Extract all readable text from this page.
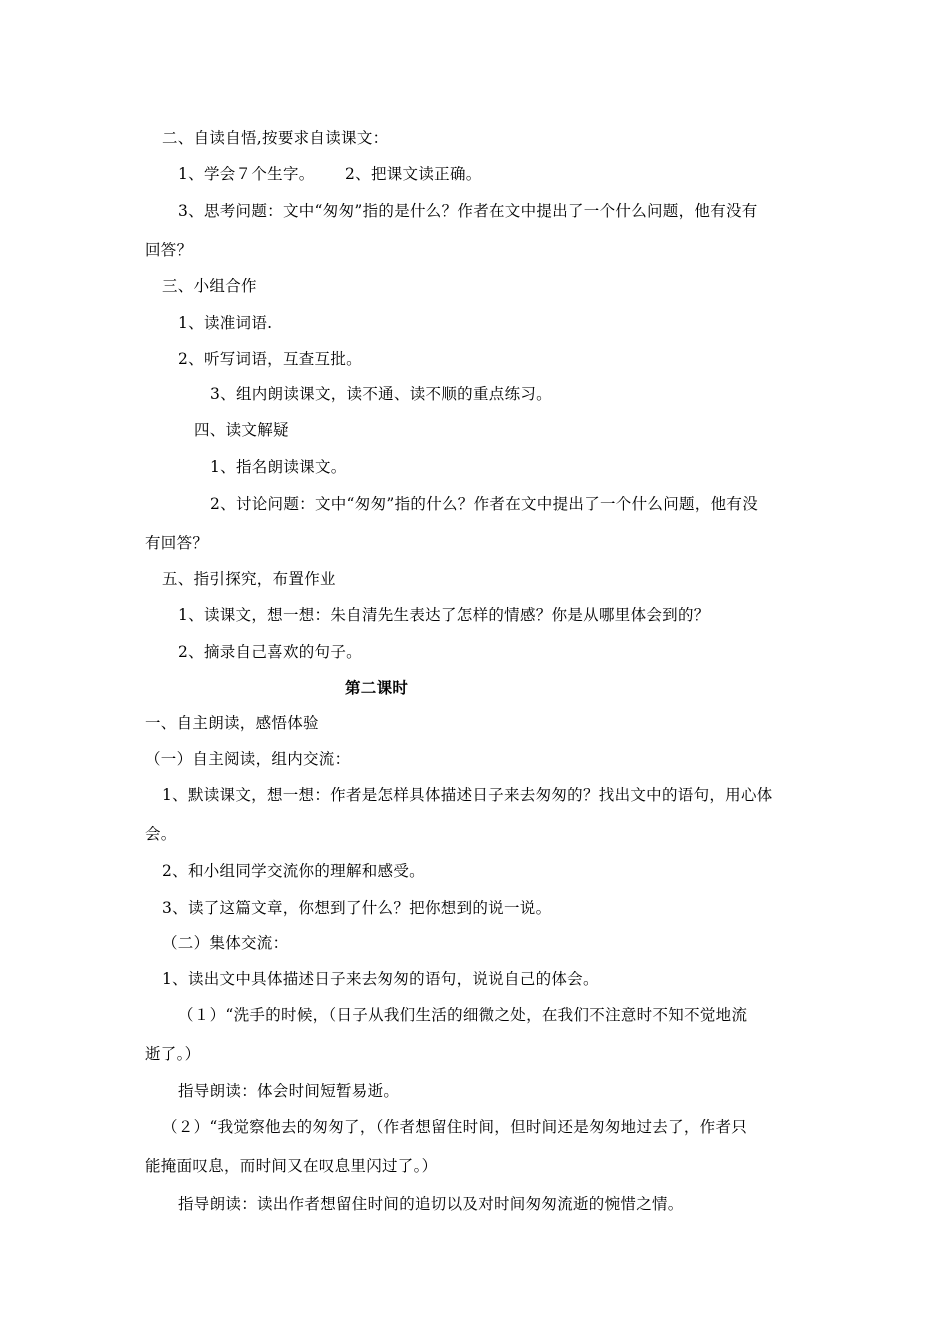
二、自读自悟,按要求自读课文：
1、学会７个生字。 2、把课文读正确。
3、思考问题：文中“匆匆”指的是什么？作者在文中提出了一个什么问题，他有没有
回答？
三、小组合作
1、读准词语.
2、听写词语，互查互批。
3、组内朗读课文，读不通、读不顺的重点练习。
四、读文解疑
1、指名朗读课文。
2、讨论问题：文中“匆匆”指的什么？作者在文中提出了一个什么问题，他有没
有回答？
五、指引探究，布置作业
1、读课文，想一想：朱自清先生表达了怎样的情感？你是从哪里体会到的？
2、摘录自己喜欢的句子。
第二课时
一、自主朗读，感悟体验
（一）自主阅读，组内交流：
1、默读课文，想一想：作者是怎样具体描述日子来去匆匆的？找出文中的语句，用心体
会。
2、和小组同学交流你的理解和感受。
3、读了这篇文章，你想到了什么？把你想到的说一说。
（二）集体交流：
1、读出文中具体描述日子来去匆匆的语句，说说自己的体会。
（１）“洗手的时候，（日子从我们生活的细微之处，在我们不注意时不知不觉地流
逝了。）
指导朗读：体会时间短暂易逝。
（２）“我觉察他去的匆匆了，（作者想留住时间，但时间还是匆匆地过去了，作者只
能掩面叹息，而时间又在叹息里闪过了。）
指导朗读：读出作者想留住时间的追切以及对时间匆匆流逝的惋惜之情。
